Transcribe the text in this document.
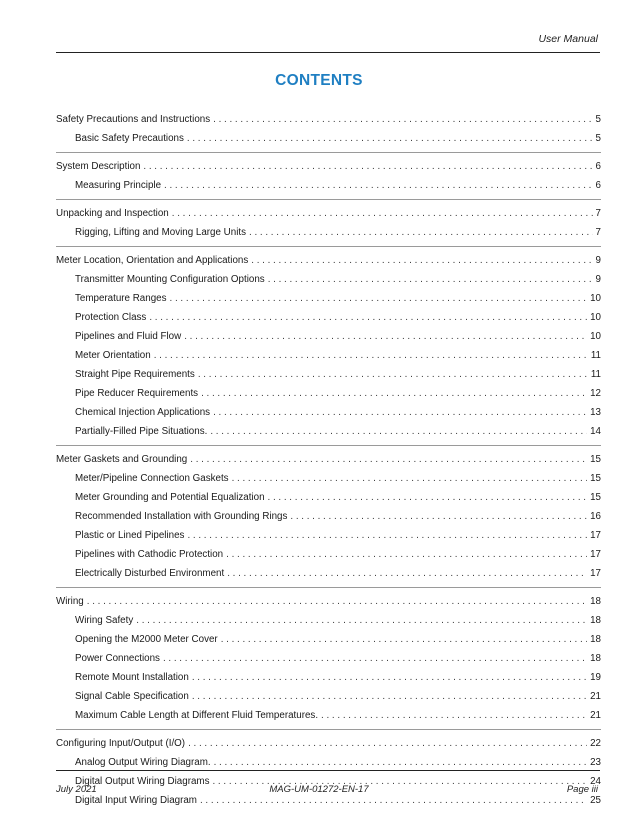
User Manual
CONTENTS
Safety Precautions and Instructions . . .	5
Basic Safety Precautions . . .	5
System Description . . .	6
Measuring Principle . . .	6
Unpacking and Inspection . . .	7
Rigging, Lifting and Moving Large Units . . .	7
Meter Location, Orientation and Applications . . .	9
Transmitter Mounting Configuration Options . . .	9
Temperature Ranges . . .	10
Protection Class . . .	10
Pipelines and Fluid Flow . . .	10
Meter Orientation . . .	11
Straight Pipe Requirements . . .	11
Pipe Reducer Requirements . . .	12
Chemical Injection Applications . . .	13
Partially-Filled Pipe Situations. . . .	14
Meter Gaskets and Grounding . . .	15
Meter/Pipeline Connection Gaskets . . .	15
Meter Grounding and Potential Equalization . . .	15
Recommended Installation with Grounding Rings . . .	16
Plastic or Lined Pipelines . . .	17
Pipelines with Cathodic Protection . . .	17
Electrically Disturbed Environment . . .	17
Wiring . . .	18
Wiring Safety . . .	18
Opening the M2000 Meter Cover . . .	18
Power Connections . . .	18
Remote Mount Installation . . .	19
Signal Cable Specification . . .	21
Maximum Cable Length at Different Fluid Temperatures. . . .	21
Configuring Input/Output (I/O) . . .	22
Analog Output Wiring Diagram. . . .	23
Digital Output Wiring Diagrams . . .	24
Digital Input Wiring Diagram . . .	25
July 2021	MAG-UM-01272-EN-17	Page iii
